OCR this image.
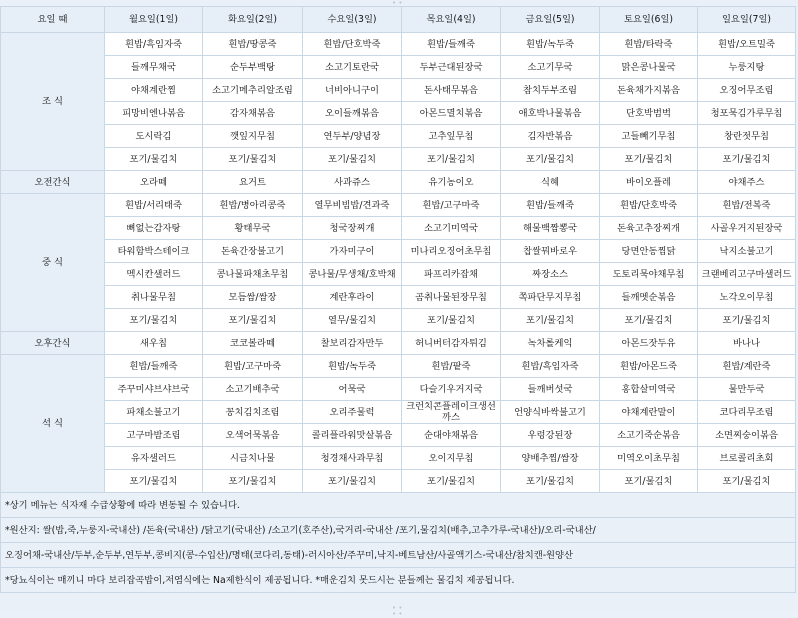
• •
요일 때	월요일(1일)	화요일(2일)	수요일(3일)	목요일(4일)	금요일(5일)	토요일(6일)	일요일(7일)
조 식	흰밥/흑임자죽	흰밥/땅콩죽	흰밥/단호박죽	흰밥/들깨죽	흰밥/녹두죽	흰밥/타락죽	흰밥/오트밀죽
	들깨무채국	순두부백탕	소고기토란국	두부근대된장국	소고기무국	맑은콩나물국	누룽지탕
	야채계란찜	소고기메추리알조림	너비아니구이	돈사태무볶음	참치두부조림	돈육채가지볶음	오징어무조림
	피망비엔나볶음	감자채볶음	오이들깨볶음	아몬드멸치볶음	애호박나물볶음	단호박범벅	청포묵김가루무침
	도시락김	깻잎지무침	연두부/양념장	고추잎무침	김자반볶음	고들빼기무침	창란젓무침
	포기/물김치	포기/물김치	포기/물김치	포기/물김치	포기/물김치	포기/물김치	포기/물김치
오전간식	오라떼	요거트	사과쥬스	유기농이오	식혜	바이오플레	야채주스
중 식	흰밥/서리태죽	흰밥/병아리콩죽	열무비빔밥/견과죽	흰밥/고구마죽	흰밥/들깨죽	흰밥/단호박죽	흰밥/전복죽
	뼈없는감자탕	황태무국	청국장찌개	소고기미역국	해물백짬뽕국	돈육고추장찌개	사골우거지된장국
	타워함박스테이크	돈육간장불고기	가자미구이	미나리오징어초무침	찹쌀꿔바로우	당면안동찜닭	낙지소불고기
	멕시칸샐러드	콩나물파채초무침	콩나물/무생채/호박채	파프리카잡채	짜장소스	도토리묵야채무침	크랜베리고구마샐러드
	취나물무침	모듬쌈/쌈장	계란후라이	곰취나물된장무침	쪽파단무지무침	들깨멧순볶음	노각오이무침
	포기/물김치	포기/물김치	열무/물김치	포기/물김치	포기/물김치	포기/물김치	포기/물김치
오후간식	새우칩	코코볼라떼	찰보리감자만두	허니버터감자튀김	녹차롤케익	아몬드잣두유	바나나
석 식	흰밥/들깨죽	흰밥/고구마죽	흰밥/녹두죽	흰밥/팥죽	흰밥/흑임자죽	흰밥/아몬드죽	흰밥/계란죽
	주꾸미샤브샤브국	소고기배추국	어묵국	다슬기우거지국	들깨버섯국	홍합살미역국	물만두국
	파채소불고기	꽁치김치조림	오리주물럭	크런치콘플레이크생선까스	언양식바싹불고기	야채계란말이	코다리무조림
	고구마밤조림	오색어묵볶음	콜리플라워맛살볶음	순대야채볶음	우렁강된장	소고기죽순볶음	소면찌숭이볶음
	유자샐러드	시금치나물	청경채사과무침	오이지무침	양배추찜/쌈장	미역오이초무침	브로콜리초회
	포기/물김치	포기/물김치	포기/물김치	포기/물김치	포기/물김치	포기/물김치	포기/물김치
*상기 메뉴는 식자재 수급상황에 따라 변동될 수 있습니다.							
*원산지: 쌀(밥,죽,누룽지-국내산) /돈육(국내산) /닭고기(국내산) /소고기(호주산),국거리-국내산 /포기,물김치(배추,고추가루-국내산)/오리-국내산/							
오징어채-국내산/두부,순두부,연두부,콩비지(콩-수입산)/명태(코다리,동태)-러시아산/주꾸미,낙지-베트남산/사골액기스-국내산/참치캔-원양산							
*당뇨식이는 매끼니 마다 보리잡곡밥이,저염식에는 Na제한식이 제공됩니다. *매운김치 못드시는 분들께는 물김치 제공됩니다.							
• • • •
